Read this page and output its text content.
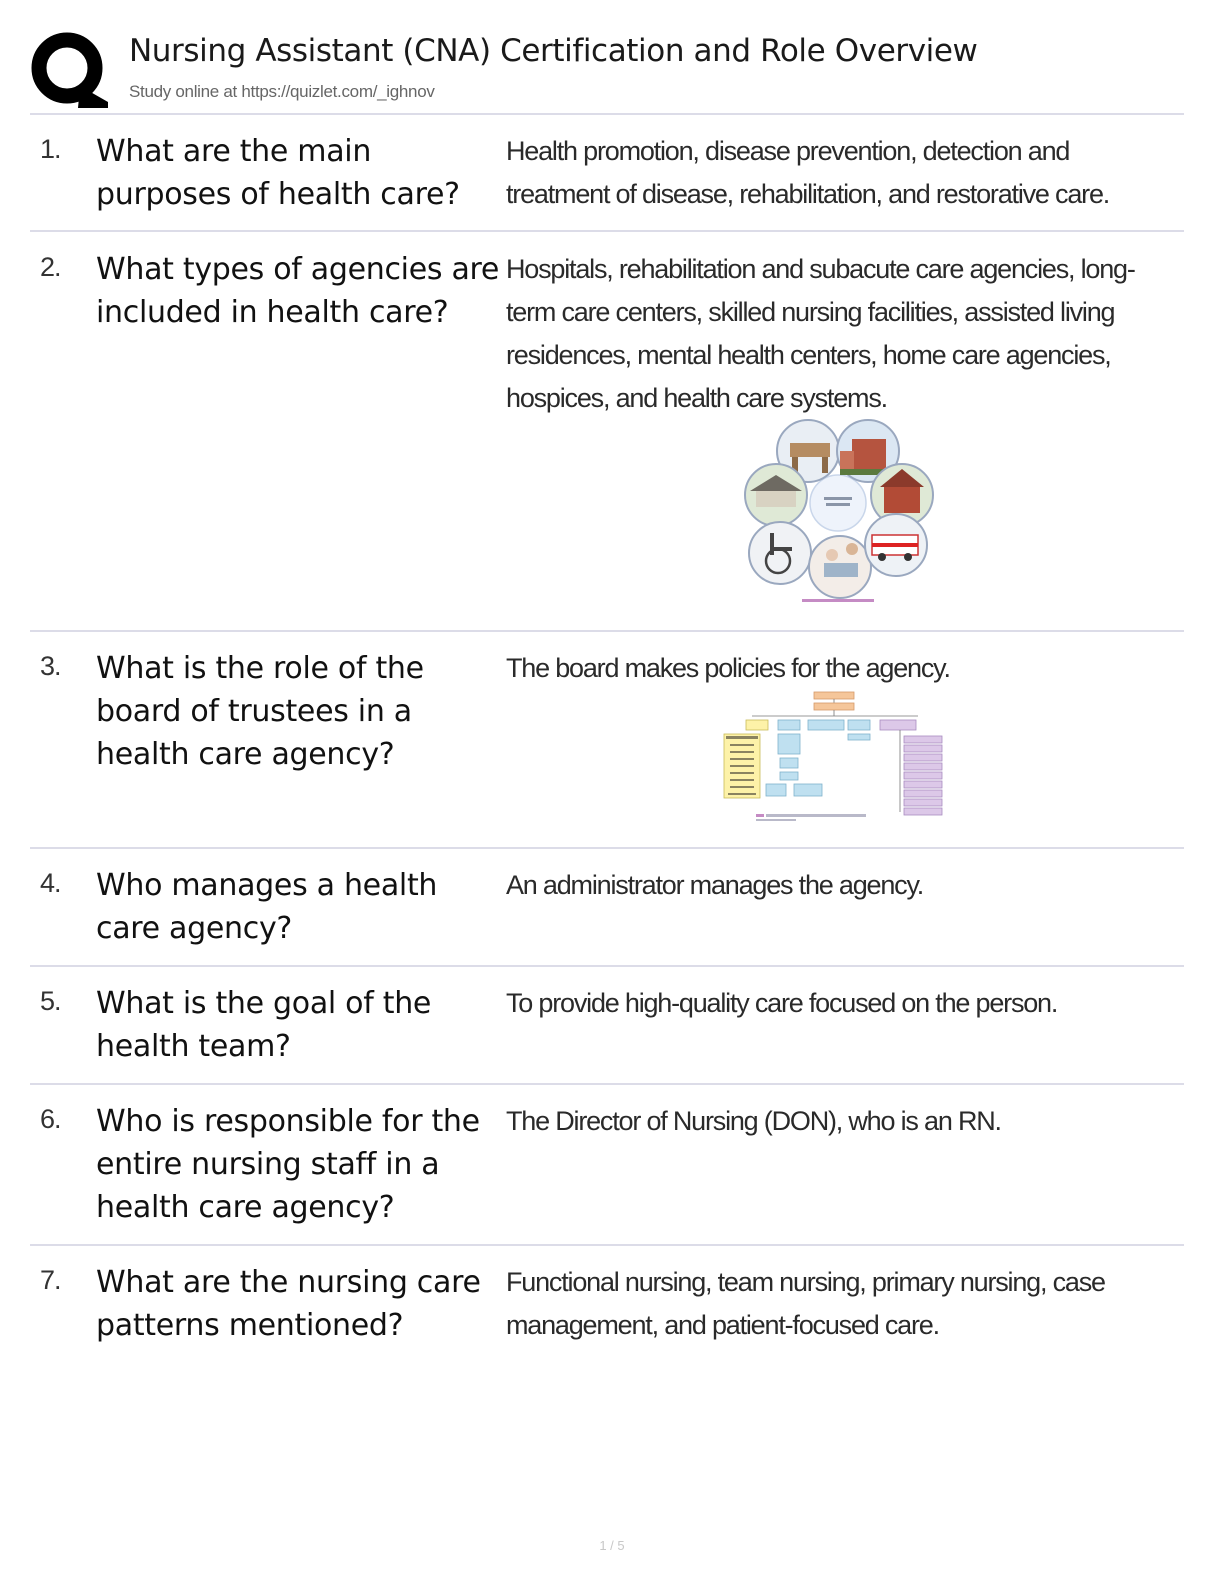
Nursing Assistant (CNA) Certification and Role Overview
Study online at https://quizlet.com/_ighnov
1. What are the main purposes of health care?
Health promotion, disease prevention, detection and treatment of disease, rehabilitation, and restorative care.
2. What types of agencies are included in health care?
Hospitals, rehabilitation and subacute care agencies, long-term care centers, skilled nursing facilities, assisted living residences, mental health centers, home care agencies, hospices, and health care systems.
3. What is the role of the board of trustees in a health care agency?
The board makes policies for the agency.
4. Who manages a health care agency?
An administrator manages the agency.
5. What is the goal of the health team?
To provide high-quality care focused on the person.
6. Who is responsible for the entire nursing staff in a health care agency?
The Director of Nursing (DON), who is an RN.
7. What are the nursing care patterns mentioned?
Functional nursing, team nursing, primary nursing, case management, and patient-focused care.
1 / 5
